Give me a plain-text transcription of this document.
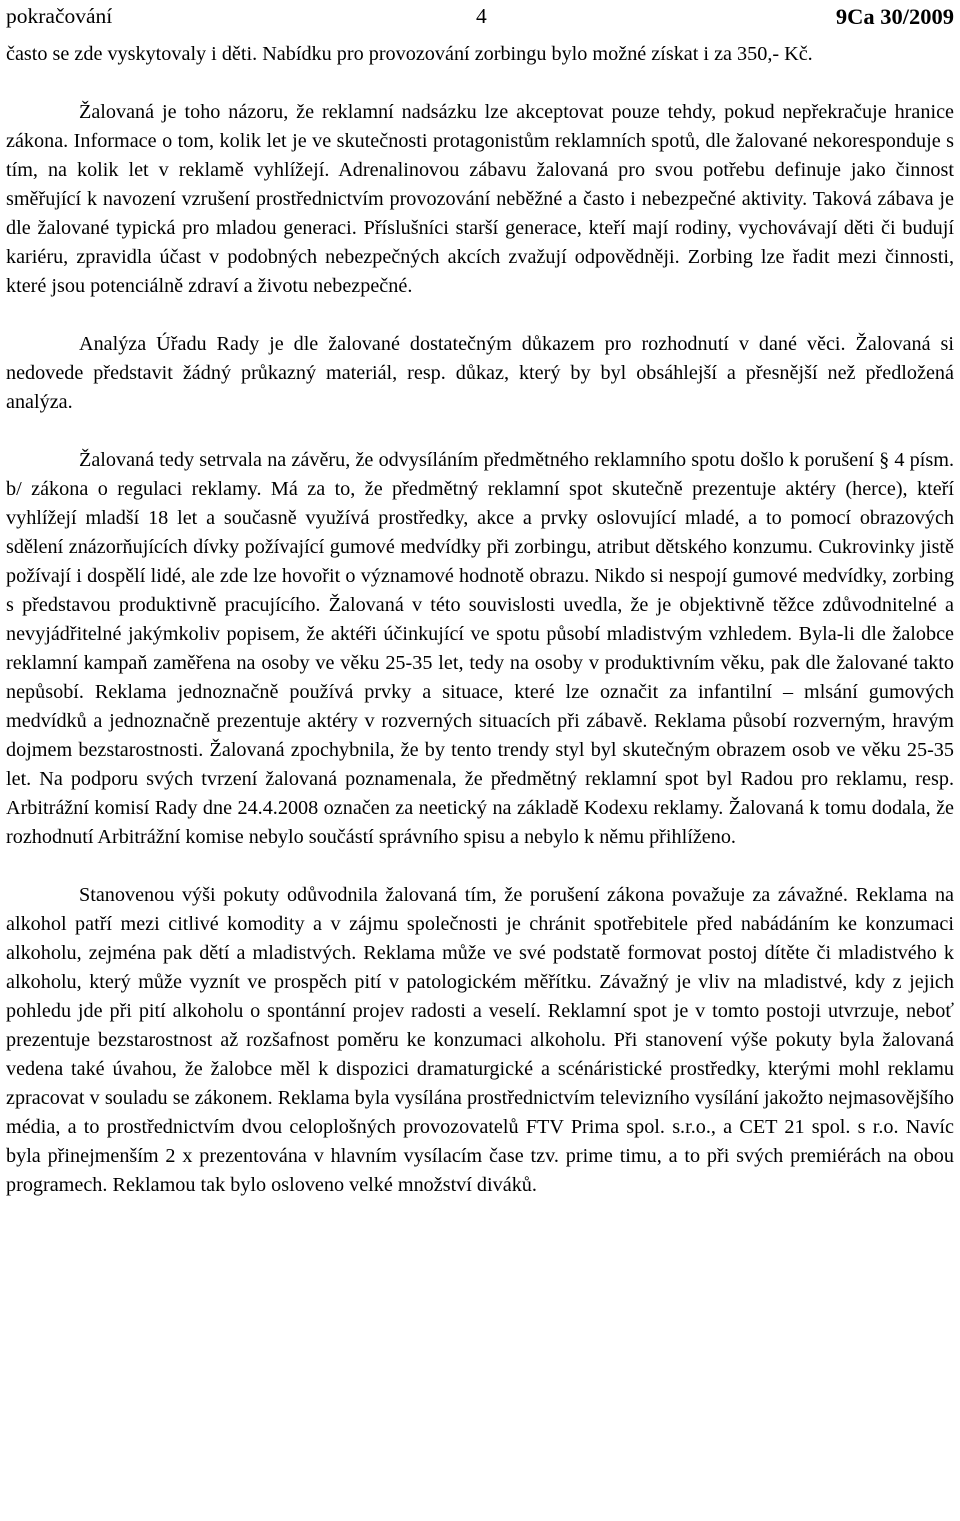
pokračování	4	9Ca 30/2009

často se zde vyskytovaly i děti. Nabídku pro provozování zorbingu bylo možné získat i za 350,- Kč.

Žalovaná je toho názoru, že reklamní nadsázku lze akceptovat pouze tehdy, pokud nepřekračuje hranice zákona. Informace o tom, kolik let je ve skutečnosti protagonistům reklamních spotů, dle žalované nekoresponduje s tím, na kolik let v reklamě vyhlížejí. Adrenalinovou zábavu žalovaná pro svou potřebu definuje jako činnost směřující k navození vzrušení prostřednictvím provozování neběžné a často i nebezpečné aktivity. Taková zábava je dle žalované typická pro mladou generaci. Příslušníci starší generace, kteří mají rodiny, vychovávají děti či budují kariéru, zpravidla účast v podobných nebezpečných akcích zvažují odpovědněji. Zorbing lze řadit mezi činnosti, které jsou potenciálně zdraví a životu nebezpečné.

Analýza Úřadu Rady je dle žalované dostatečným důkazem pro rozhodnutí v dané věci. Žalovaná si nedovede představit žádný průkazný materiál, resp. důkaz, který by byl obsáhlejší a přesnější než předložená analýza.

Žalovaná tedy setrvala na závěru, že odvysíláním předmětného reklamního spotu došlo k porušení § 4 písm. b/ zákona o regulaci reklamy. Má za to, že předmětný reklamní spot skutečně prezentuje aktéry (herce), kteří vyhlížejí mladší 18 let a současně využívá prostředky, akce a prvky oslovující mladé, a to pomocí obrazových sdělení znázorňujících dívky požívající gumové medvídky při zorbingu, atribut dětského konzumu. Cukrovinky jistě požívají i dospělí lidé, ale zde lze hovořit o významové hodnotě obrazu. Nikdo si nespojí gumové medvídky, zorbing s představou produktivně pracujícího. Žalovaná v této souvislosti uvedla, že je objektivně těžce zdůvodnitelné a nevyjádřitelné jakýmkoliv popisem, že aktéři účinkující ve spotu působí mladistvým vzhledem. Byla-li dle žalobce reklamní kampaň zaměřena na osoby ve věku 25-35 let, tedy na osoby v produktivním věku, pak dle žalované takto nepůsobí. Reklama jednoznačně používá prvky a situace, které lze označit za infantilní – mlsání gumových medvídků a jednoznačně prezentuje aktéry v rozverných situacích při zábavě. Reklama působí rozverným, hravým dojmem bezstarostnosti. Žalovaná zpochybnila, že by tento trendy styl byl skutečným obrazem osob ve věku 25-35 let. Na podporu svých tvrzení žalovaná poznamenala, že předmětný reklamní spot byl Radou pro reklamu, resp. Arbitrážní komisí Rady dne 24.4.2008 označen za neetický na základě Kodexu reklamy. Žalovaná k tomu dodala, že rozhodnutí Arbitrážní komise nebylo součástí správního spisu a nebylo k němu přihlíženo.

Stanovenou výši pokuty odůvodnila žalovaná tím, že porušení zákona považuje za závažné. Reklama na alkohol patří mezi citlivé komodity a v zájmu společnosti je chránit spotřebitele před nabádáním ke konzumaci alkoholu, zejména pak dětí a mladistvých. Reklama může ve své podstatě formovat postoj dítěte či mladistvého k alkoholu, který může vyznít ve prospěch pití v patologickém měřítku. Závažný je vliv na mladistvé, kdy z jejich pohledu jde při pití alkoholu o spontánní projev radosti a veselí. Reklamní spot je v tomto postoji utvrzuje, neboť prezentuje bezstarostnost až rozšafnost poměru ke konzumaci alkoholu. Při stanovení výše pokuty byla žalovaná vedena také úvahou, že žalobce měl k dispozici dramaturgické a scénáristické prostředky, kterými mohl reklamu zpracovat v souladu se zákonem. Reklama byla vysílána prostřednictvím televizního vysílání jakožto nejmasovějšího média, a to prostřednictvím dvou celoplošných provozovatelů FTV Prima spol. s.r.o., a CET 21 spol. s r.o. Navíc byla přinejmenším 2 x prezentována v hlavním vysílacím čase tzv. prime timu, a to při svých premiérách na obou programech. Reklamou tak bylo osloveno velké množství diváků.
